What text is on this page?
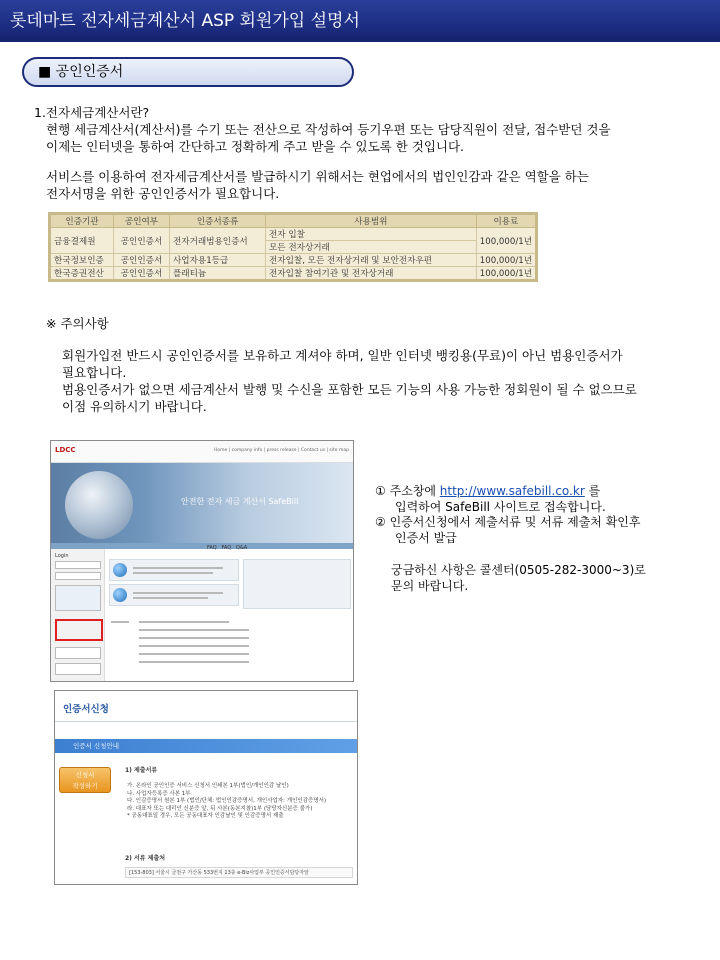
롯데마트 전자세금계산서 ASP 회원가입 설명서
■ 공인인증서

1.전자세금계산서란?

현행 세금계산서(계산서)를 수기 또는 전산으로 작성하여 등기우편 또는 담당직원이 전달, 접수받던 것을

이제는 인터넷을 통하여 간단하고 정확하게 주고 받을 수 있도록 한 것입니다.

서비스를 이용하여 전자세금계산서를 발급하시기 위해서는 현업에서의 법인인감과 같은 역할을 하는

전자서명을 위한 공인인증서가 필요합니다.

인증기관	공인여부	인증서종류	사용범위	이용료
금융결제원	공인인증서	전자거래범용인증서	전자 입찰	100,000/1년
			모든 전자상거래	
한국정보인증	공인인증서	사업자용1등급	전자입찰, 모든 전자상거래 및 보안전자우편	100,000/1년
한국증권전산	공인인증서	플래티늄	전자입찰 참여기관 및 전자상거래	100,000/1년
※ 주의사항

회원가입전 반드시 공인인증서를 보유하고 계셔야 하며, 일반 인터넷 뱅킹용(무료)이 아닌 범용인증서가

필요합니다.

범용인증서가 없으면 세금계산서 발행 및 수신을 포함한 모든 기능의 사용 가능한 정회원이 될 수 없으므로

이점 유의하시기 바랍니다.

LDCC	Home | company info | press release | Contact us | site map
안전한 전자 세금 계산서 SafeBill
Login
FAQ FAQ Q&A
인증서신청
인증서 신청안내
신청서
작성하기
1) 제출서류
가. 온라인 공인인증 서비스 신청서 인쇄본 1부(법인/개인인감 날인)
나. 사업자등록증 사본 1부
다. 인감증명서 원본 1부 (법인/단체: 법인인감증명서, 개인사업자: 개인인감증명서)
라. 대표자 또는 대리인 신분증 앞, 뒤 사본(동본지참)1부 (담당자신분증 불가)
* 공동대표일 경우, 모든 공동대표자 인감날인 및 인감증명서 제출
2) 서류 제출처
[153-803] 서울시 금천구 가산동 533번지 13층 e-Biz사업부 공인인증서담당자앞

① 주소창에 http://www.safebill.co.kr 를

입력하여 SafeBill 사이트로 접속합니다.

② 인증서신청에서 제출서류 및 서류 제출처 확인후

인증서 발급

궁금하신 사항은 콜센터(0505-282-3000~3)로

문의 바랍니다.
